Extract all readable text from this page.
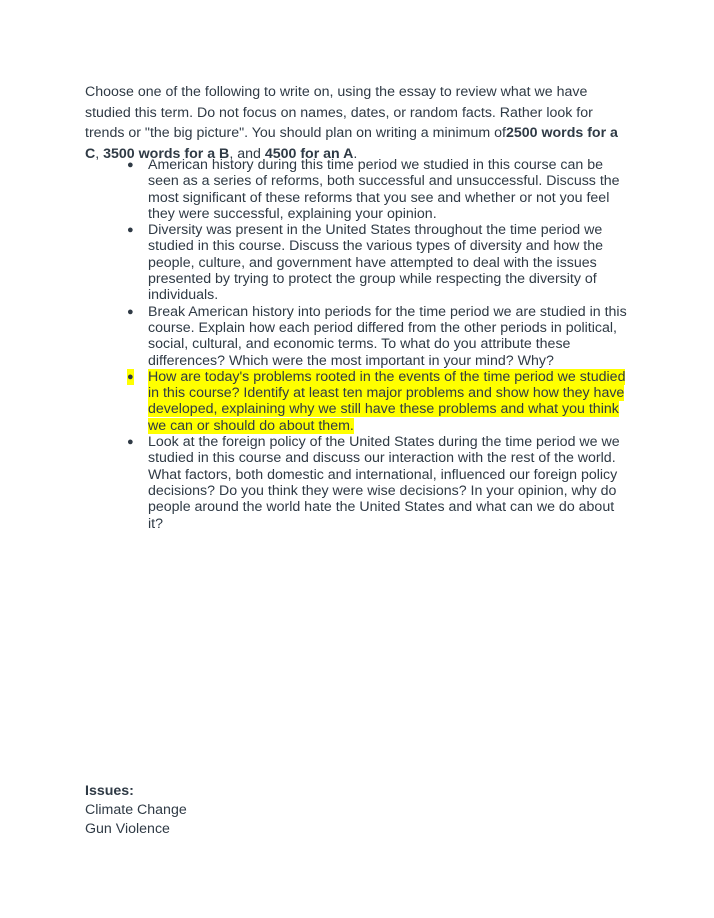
Choose one of the following to write on, using the essay to review what we have studied this term. Do not focus on names, dates, or random facts. Rather look for trends or "the big picture". You should plan on writing a minimum of2500 words for a C, 3500 words for a B, and 4500 for an A.

● American history during this time period we studied in this course can be seen as a series of reforms, both successful and unsuccessful. Discuss the most significant of these reforms that you see and whether or not you feel they were successful, explaining your opinion.
● Diversity was present in the United States throughout the time period we studied in this course. Discuss the various types of diversity and how the people, culture, and government have attempted to deal with the issues presented by trying to protect the group while respecting the diversity of individuals.
● Break American history into periods for the time period we are studied in this course. Explain how each period differed from the other periods in political, social, cultural, and economic terms. To what do you attribute these differences? Which were the most important in your mind? Why?
● How are today's problems rooted in the events of the time period we studied in this course? Identify at least ten major problems and show how they have developed, explaining why we still have these problems and what you think we can or should do about them.
● Look at the foreign policy of the United States during the time period we we studied in this course and discuss our interaction with the rest of the world. What factors, both domestic and international, influenced our foreign policy decisions? Do you think they were wise decisions? In your opinion, why do people around the world hate the United States and what can we do about it?
Issues:
Climate Change
Gun Violence
